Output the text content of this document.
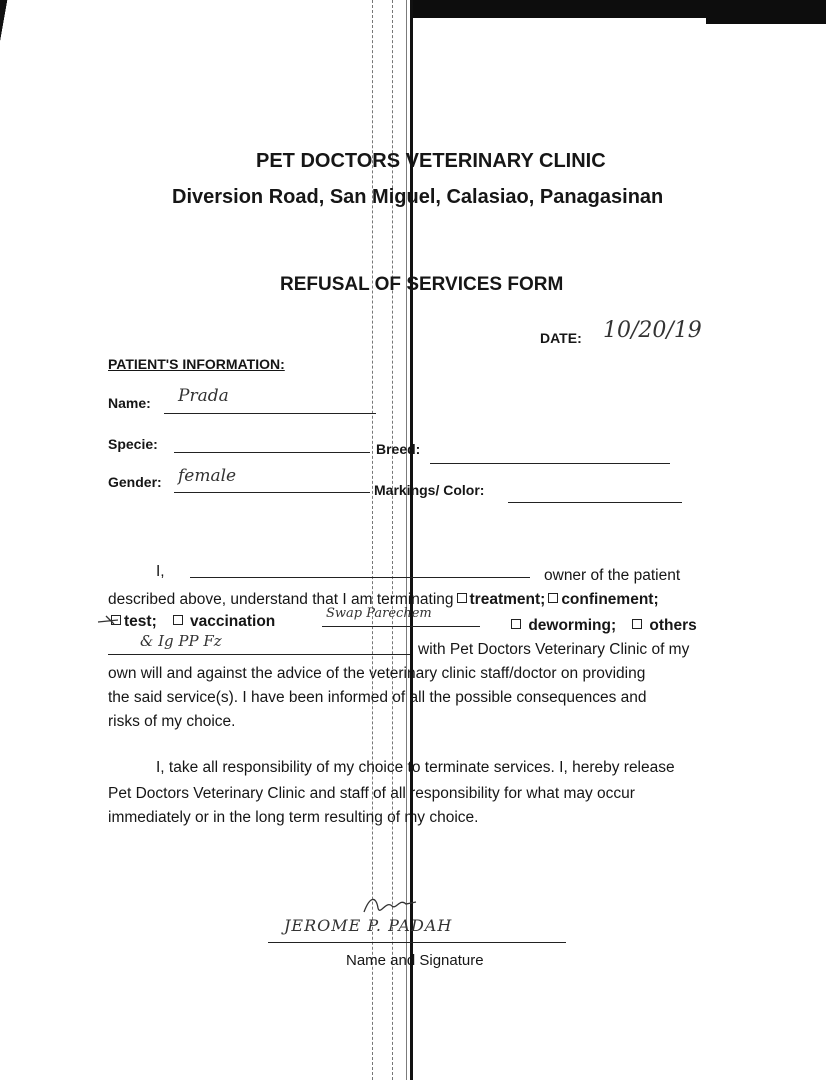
PET DOCTORS VETERINARY CLINIC
Diversion Road, San Miguel, Calasiao, Panagasinan
REFUSAL OF SERVICES FORM
DATE: 10/20/19
PATIENT'S INFORMATION:
Name: Prada
Specie:	Breed:
Gender: female
Markings/ Color:
I,	owner of the patient
described above, understand that I am terminating treatment; confinement;
test; vaccination	Swap Parechem
deworming; others
& Ig PP Fz	with Pet Doctors Veterinary Clinic of my
own will and against the advice of the veterinary clinic staff/doctor on providing
the said service(s). I have been informed of all the possible consequences and
risks of my choice.
I, take all responsibility of my choice to terminate services. I, hereby release
Pet Doctors Veterinary Clinic and staff of all responsibility for what may occur
immediately or in the long term resulting of my choice.
JEROME P. PADAH
Name and Signature
